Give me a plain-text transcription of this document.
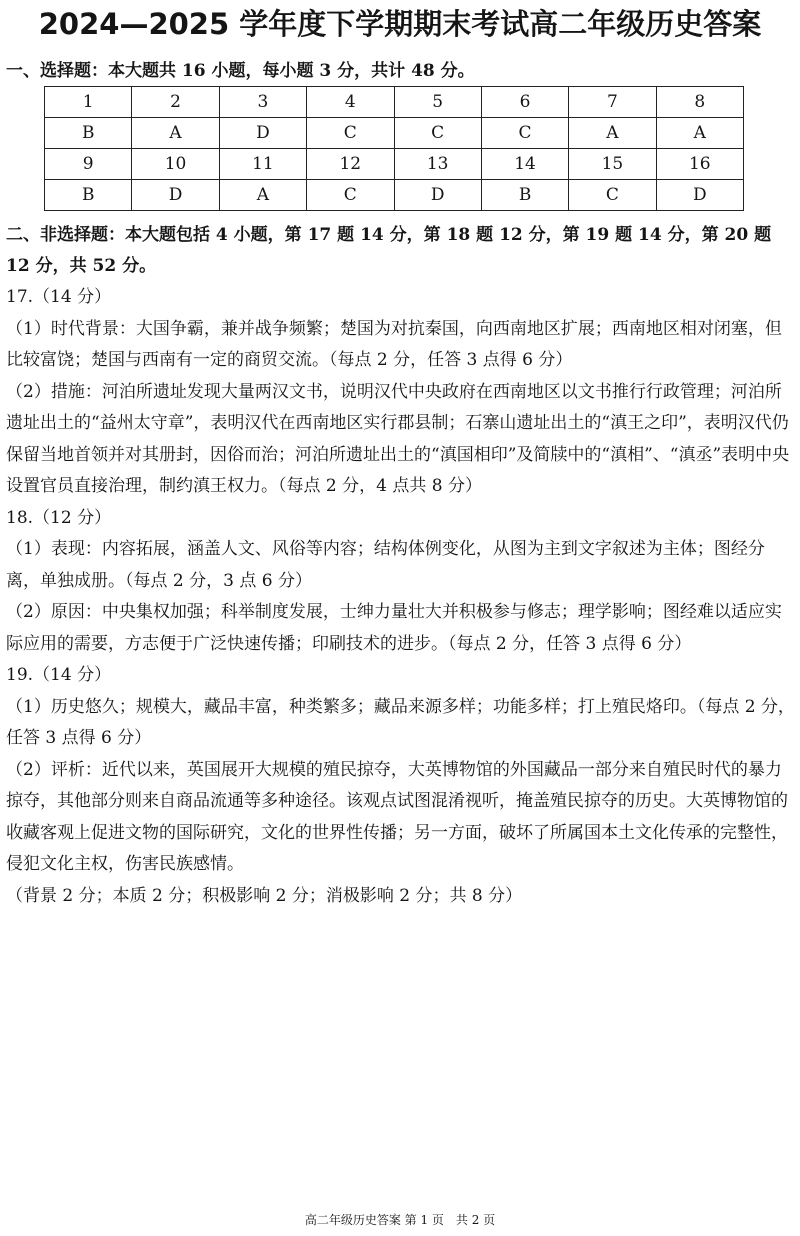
2024—2025 学年度下学期期末考试高二年级历史答案
一、选择题：本大题共 16 小题，每小题 3 分，共计 48 分。
1	2	3	4	5	6	7	8
B	A	D	C	C	C	A	A
9	10	11	12	13	14	15	16
B	D	A	C	D	B	C	D
二、非选择题：本大题包括 4 小题，第 17 题 14 分，第 18 题 12 分，第 19 题 14 分，第 20 题 12 分，共 52 分。

17.（14 分）

（1）时代背景：大国争霸，兼并战争频繁；楚国为对抗秦国，向西南地区扩展；西南地区相对闭塞，但比较富饶；楚国与西南有一定的商贸交流。（每点 2 分，任答 3 点得 6 分）

（2）措施：河泊所遗址发现大量两汉文书，说明汉代中央政府在西南地区以文书推行行政管理；河泊所遗址出土的“益州太守章”，表明汉代在西南地区实行郡县制；石寨山遗址出土的“滇王之印”，表明汉代仍保留当地首领并对其册封，因俗而治；河泊所遗址出土的“滇国相印”及简牍中的“滇相”、“滇丞”表明中央设置官员直接治理，制约滇王权力。（每点 2 分，4 点共 8 分）

18.（12 分）

（1）表现：内容拓展，涵盖人文、风俗等内容；结构体例变化，从图为主到文字叙述为主体；图经分离，单独成册。（每点 2 分，3 点 6 分）

（2）原因：中央集权加强；科举制度发展，士绅力量壮大并积极参与修志；理学影响；图经难以适应实际应用的需要，方志便于广泛快速传播；印刷技术的进步。（每点 2 分，任答 3 点得 6 分）

19.（14 分）

（1）历史悠久；规模大，藏品丰富，种类繁多；藏品来源多样；功能多样；打上殖民烙印。（每点 2 分，任答 3 点得 6 分）

（2）评析：近代以来，英国展开大规模的殖民掠夺，大英博物馆的外国藏品一部分来自殖民时代的暴力掠夺，其他部分则来自商品流通等多种途径。该观点试图混淆视听，掩盖殖民掠夺的历史。大英博物馆的收藏客观上促进文物的国际研究，文化的世界性传播；另一方面，破坏了所属国本土文化传承的完整性，侵犯文化主权，伤害民族感情。

（背景 2 分；本质 2 分；积极影响 2 分；消极影响 2 分；共 8 分）

高二年级历史答案 第 1 页　共 2 页
